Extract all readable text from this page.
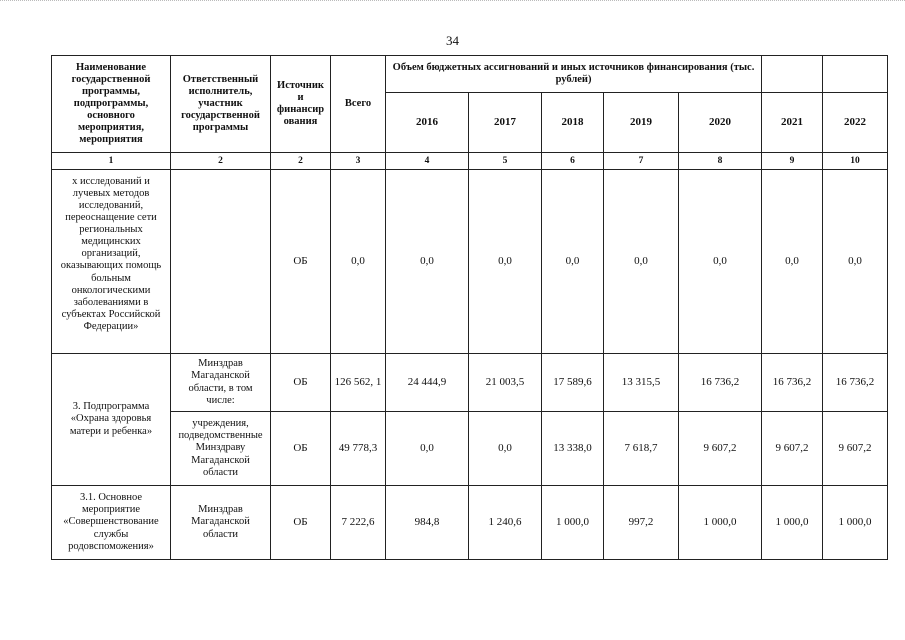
34
Наименование государственной программы, подпрограммы, основного мероприятия, мероприятия	Ответственный исполнитель, участник государственной программы	Источник и финансир ования	Всего	Объем бюджетных ассигнований и иных источников финансирования (тыс. рублей)						
				2016	2017	2018	2019	2020	2021	2022
1	2	2	3	4	5	6	7	8	9	10
х исследований и лучевых методов исследований, переоснащение сети региональных медицинских организаций, оказывающих помощь больным онкологическими заболеваниями в субъектах Российской Федерации»		ОБ	0,0	0,0	0,0	0,0	0,0	0,0	0,0	0,0
3. Подпрограмма «Охрана здоровья матери и ребенка»	Минздрав Магаданской области, в том числе:	ОБ	126 562, 1	24 444,9	21 003,5	17 589,6	13 315,5	16 736,2	16 736,2	16 736,2
	учреждения, подведомственные Минздраву Магаданской области	ОБ	49 778,3	0,0	0,0	13 338,0	7 618,7	9 607,2	9 607,2	9 607,2
3.1. Основное мероприятие «Совершенствование службы родовспоможения»	Минздрав Магаданской области	ОБ	7 222,6	984,8	1 240,6	1 000,0	997,2	1 000,0	1 000,0	1 000,0
